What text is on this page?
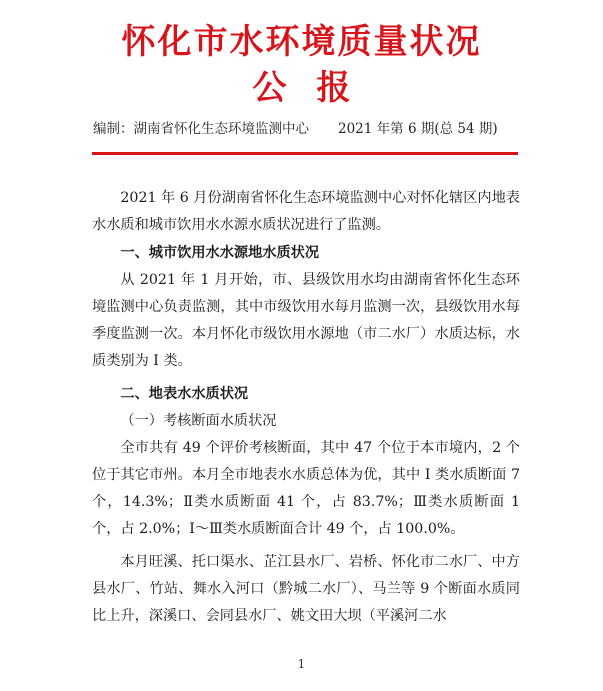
怀化市水环境质量状况
公报
编制：湖南省怀化生态环境监测中心 2021 年第 6 期(总 54 期)

2021 年 6 月份湖南省怀化生态环境监测中心对怀化辖区内地表水水质和城市饮用水水源水质状况进行了监测。

一、城市饮用水水源地水质状况

从 2021 年 1 月开始，市、县级饮用水均由湖南省怀化生态环境监测中心负责监测，其中市级饮用水每月监测一次，县级饮用水每季度监测一次。本月怀化市级饮用水源地（市二水厂）水质达标，水质类别为 I 类。

二、地表水水质状况

（一）考核断面水质状况

全市共有 49 个评价考核断面，其中 47 个位于本市境内，2 个位于其它市州。本月全市地表水水质总体为优，其中 I 类水质断面 7 个，14.3%；Ⅱ类水质断面 41 个，占 83.7%；Ⅲ类水质断面 1 个，占 2.0%；Ⅰ～Ⅲ类水质断面合计 49 个，占 100.0%。

本月旺溪、托口渠水、芷江县水厂、岩桥、怀化市二水厂、中方县水厂、竹站、舞水入河口（黔城二水厂）、马兰等 9 个断面水质同比上升，深溪口、会同县水厂、姚文田大坝（平溪河二水

1
